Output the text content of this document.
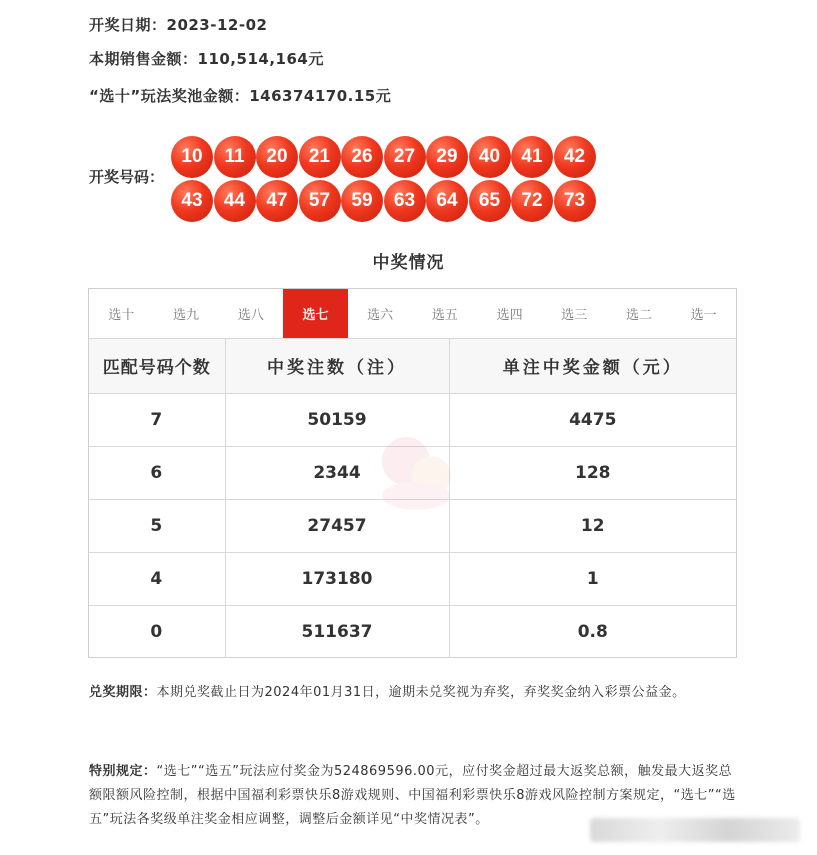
开奖日期：2023-12-02
本期销售金额：110,514,164元
“选十”玩法奖池金额：146374170.15元
开奖号码：
10	11	20	21	26	27	29	40	41	42
43	44	47	57	59	63	64	65	72	73
中奖情况
选十	选九	选八	选七	选六	选五	选四	选三	选二	选一
匹配号码个数	中奖注数（注）	单注中奖金额（元）
7	50159	4475
6	2344	128
5	27457	12
4	173180	1
0	511637	0.8
兑奖期限：本期兑奖截止日为2024年01月31日，逾期未兑奖视为弃奖，弃奖奖金纳入彩票公益金。
特别规定：“选七”“选五”玩法应付奖金为524869596.00元，应付奖金超过最大返奖总额，触发最大返奖总额限额风险控制，根据中国福利彩票快乐8游戏规则、中国福利彩票快乐8游戏风险控制方案规定，“选七”“选五”玩法各奖级单注奖金相应调整，调整后金额详见“中奖情况表”。
